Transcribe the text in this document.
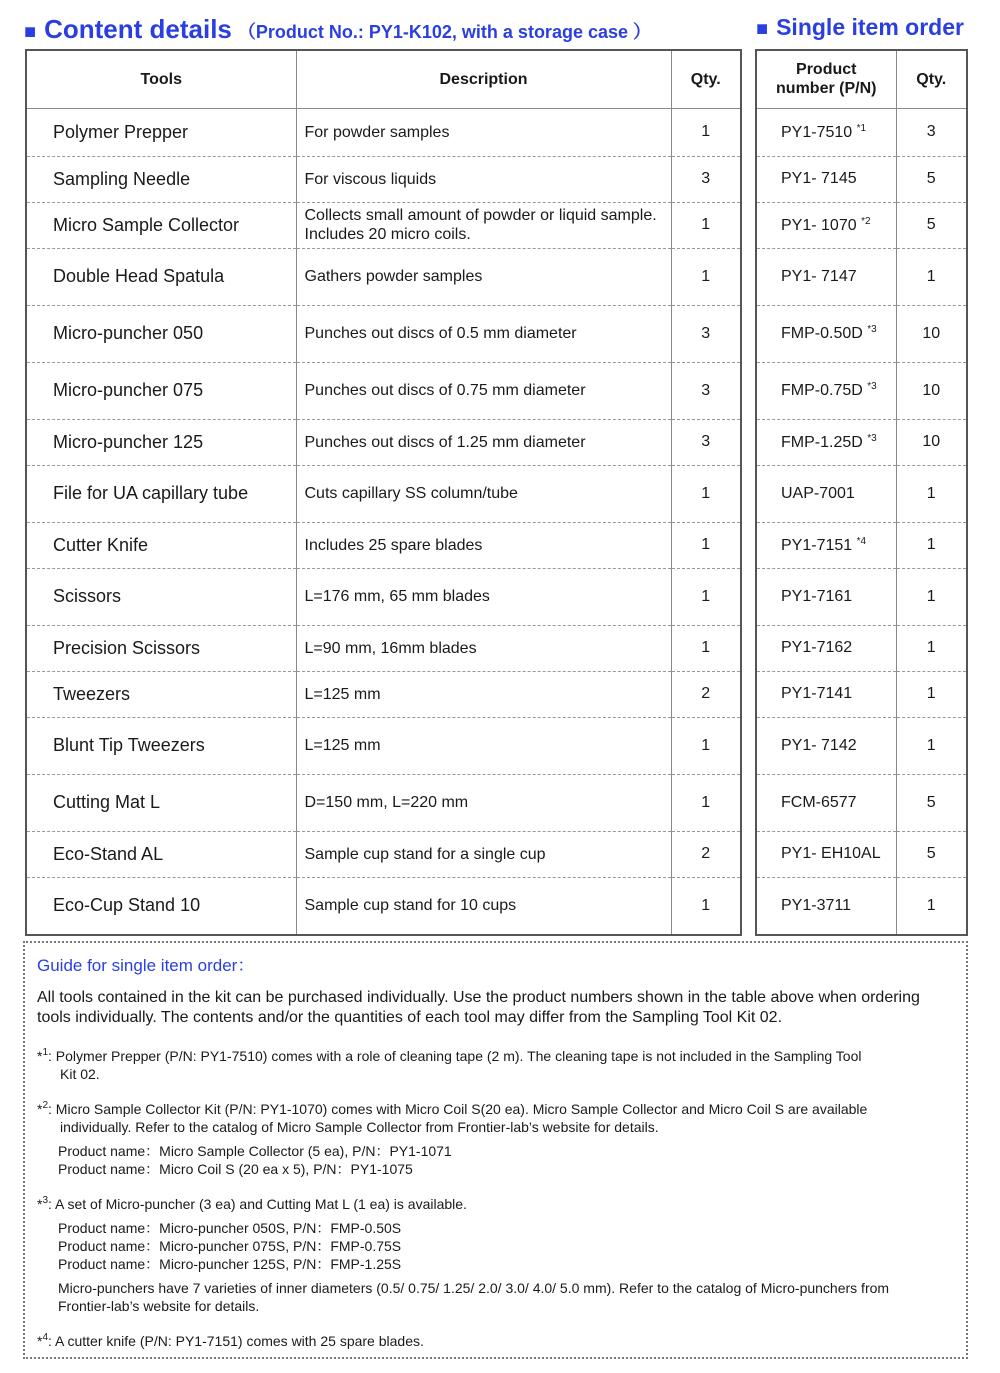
■ Content details （Product No.: PY1-K102, with a storage case ）	■ Single item order
Tools	Description	Qty.
Polymer Prepper	For powder samples	1
Sampling Needle	For viscous liquids	3
Micro Sample Collector	Collects small amount of powder or liquid sample. Includes 20 micro coils.	1
Double Head Spatula	Gathers powder samples	1
Micro-puncher 050	Punches out discs of 0.5 mm diameter	3
Micro-puncher 075	Punches out discs of 0.75 mm diameter	3
Micro-puncher 125	Punches out discs of 1.25 mm diameter	3
File for UA capillary tube	Cuts capillary SS column/tube	1
Cutter Knife	Includes 25 spare blades	1
Scissors	L=176 mm, 65 mm blades	1
Precision Scissors	L=90 mm, 16mm blades	1
Tweezers	L=125 mm	2
Blunt Tip Tweezers	L=125 mm	1
Cutting Mat L	D=150 mm, L=220 mm	1
Eco-Stand AL	Sample cup stand for a single cup	2
Eco-Cup Stand 10	Sample cup stand for 10 cups	1
Product number (P/N)	Qty.
PY1-7510 $^{*1}$	3
PY1- 7145	5
PY1- 1070 $^{*2}$	5
PY1- 7147	1
FMP-0.50D $^{*3}$	10
FMP-0.75D $^{*3}$	10
FMP-1.25D $^{*3}$	10
UAP-7001	1
PY1-7151 $^{*4}$	1
PY1-7161	1
PY1-7162	1
PY1-7141	1
PY1- 7142	1
FCM-6577	5
PY1- EH10AL	5
PY1-3711	1
Guide for single item order：
All tools contained in the kit can be purchased individually. Use the product numbers shown in the table above when ordering tools individually. The contents and/or the quantities of each tool may differ from the Sampling Tool Kit 02.
*$^1$: Polymer Prepper (P/N: PY1-7510) comes with a role of cleaning tape (2 m). The cleaning tape is not included in the Sampling Tool
Kit 02.
*$^2$: Micro Sample Collector Kit (P/N: PY1-1070) comes with Micro Coil S(20 ea). Micro Sample Collector and Micro Coil S are available
individually. Refer to the catalog of Micro Sample Collector from Frontier-lab’s website for details.
Product name：Micro Sample Collector (5 ea), P/N：PY1-1071
Product name：Micro Coil S (20 ea x 5), P/N：PY1-1075
*$^3$: A set of Micro-puncher (3 ea) and Cutting Mat L (1 ea) is available.
Product name：Micro-puncher 050S, P/N：FMP-0.50S
Product name：Micro-puncher 075S, P/N：FMP-0.75S
Product name：Micro-puncher 125S, P/N：FMP-1.25S
Micro-punchers have 7 varieties of inner diameters (0.5/ 0.75/ 1.25/ 2.0/ 3.0/ 4.0/ 5.0 mm). Refer to the catalog of Micro-punchers from
Frontier-lab’s website for details.
*$^4$: A cutter knife (P/N: PY1-7151) comes with 25 spare blades.
